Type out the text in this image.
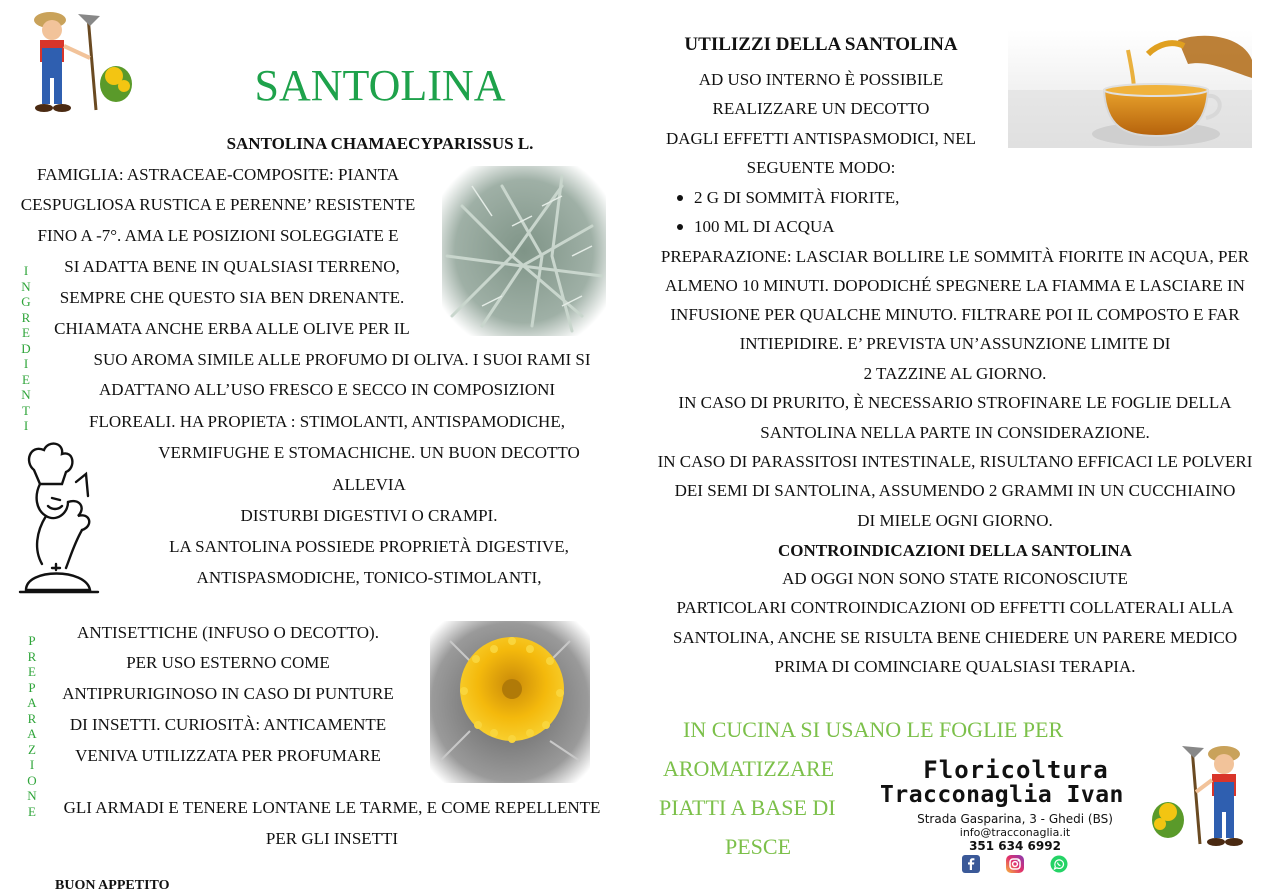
SANTOLINA
SANTOLINA CHAMAECYPARISSUS L.
I
N
G
R
E
D
I
E
N
T
I
P
R
E
P
A
R
A
Z
I
O
N
E
FAMIGLIA: ASTRACEAE-COMPOSITE: PIANTA
CESPUGLIOSA RUSTICA E PERENNE’ RESISTENTE
FINO A -7°. AMA LE POSIZIONI SOLEGGIATE E
SI ADATTA BENE IN QUALSIASI TERRENO,
SEMPRE CHE QUESTO SIA BEN DRENANTE.
CHIAMATA ANCHE ERBA ALLE OLIVE PER IL
SUO AROMA SIMILE ALLE PROFUMO DI OLIVA. I SUOI RAMI SI
ADATTANO ALL’USO FRESCO E SECCO IN COMPOSIZIONI
FLOREALI. HA PROPIETA : STIMOLANTI, ANTISPAMODICHE,
VERMIFUGHE E STOMACHICHE. UN BUON DECOTTO
ALLEVIA
DISTURBI DIGESTIVI O CRAMPI.
LA SANTOLINA POSSIEDE PROPRIETÀ DIGESTIVE,
ANTISPASMODICHE, TONICO-STIMOLANTI,
ANTISETTICHE (INFUSO O DECOTTO).
PER USO ESTERNO COME
ANTIPRURIGINOSO IN CASO DI PUNTURE
DI INSETTI. CURIOSITÀ: ANTICAMENTE
VENIVA UTILIZZATA PER PROFUMARE
GLI ARMADI E TENERE LONTANE LE TARME, E COME REPELLENTE
PER GLI INSETTI
BUON APPETITO
UTILIZZI DELLA SANTOLINA
AD USO INTERNO È POSSIBILE
REALIZZARE UN DECOTTO
DAGLI EFFETTI ANTISPASMODICI, NEL
SEGUENTE MODO:
2 G DI SOMMITÀ FIORITE,
100 ML DI ACQUA
PREPARAZIONE: LASCIAR BOLLIRE LE SOMMITÀ FIORITE IN ACQUA, PER
ALMENO 10 MINUTI. DOPODICHÉ SPEGNERE LA FIAMMA E LASCIARE IN
INFUSIONE PER QUALCHE MINUTO. FILTRARE POI IL COMPOSTO E FAR
INTIEPIDIRE. E’ PREVISTA UN’ASSUNZIONE LIMITE DI
2 TAZZINE AL GIORNO.
IN CASO DI PRURITO, È NECESSARIO STROFINARE LE FOGLIE DELLA
SANTOLINA NELLA PARTE IN CONSIDERAZIONE.
IN CASO DI PARASSITOSI INTESTINALE, RISULTANO EFFICACI LE POLVERI
DEI SEMI DI SANTOLINA, ASSUMENDO 2 GRAMMI IN UN CUCCHIAINO
DI MIELE OGNI GIORNO.
CONTROINDICAZIONI DELLA SANTOLINA
AD OGGI NON SONO STATE RICONOSCIUTE
PARTICOLARI CONTROINDICAZIONI OD EFFETTI COLLATERALI ALLA
SANTOLINA, ANCHE SE RISULTA BENE CHIEDERE UN PARERE MEDICO
PRIMA DI COMINCIARE QUALSIASI TERAPIA.
IN CUCINA SI USANO LE FOGLIE PER
AROMATIZZARE
PIATTI A BASE DI
PESCE
Floricoltura
Tracconaglia Ivan
Strada Gasparina, 3 - Ghedi (BS)
info@tracconaglia.it
351 634 6992
